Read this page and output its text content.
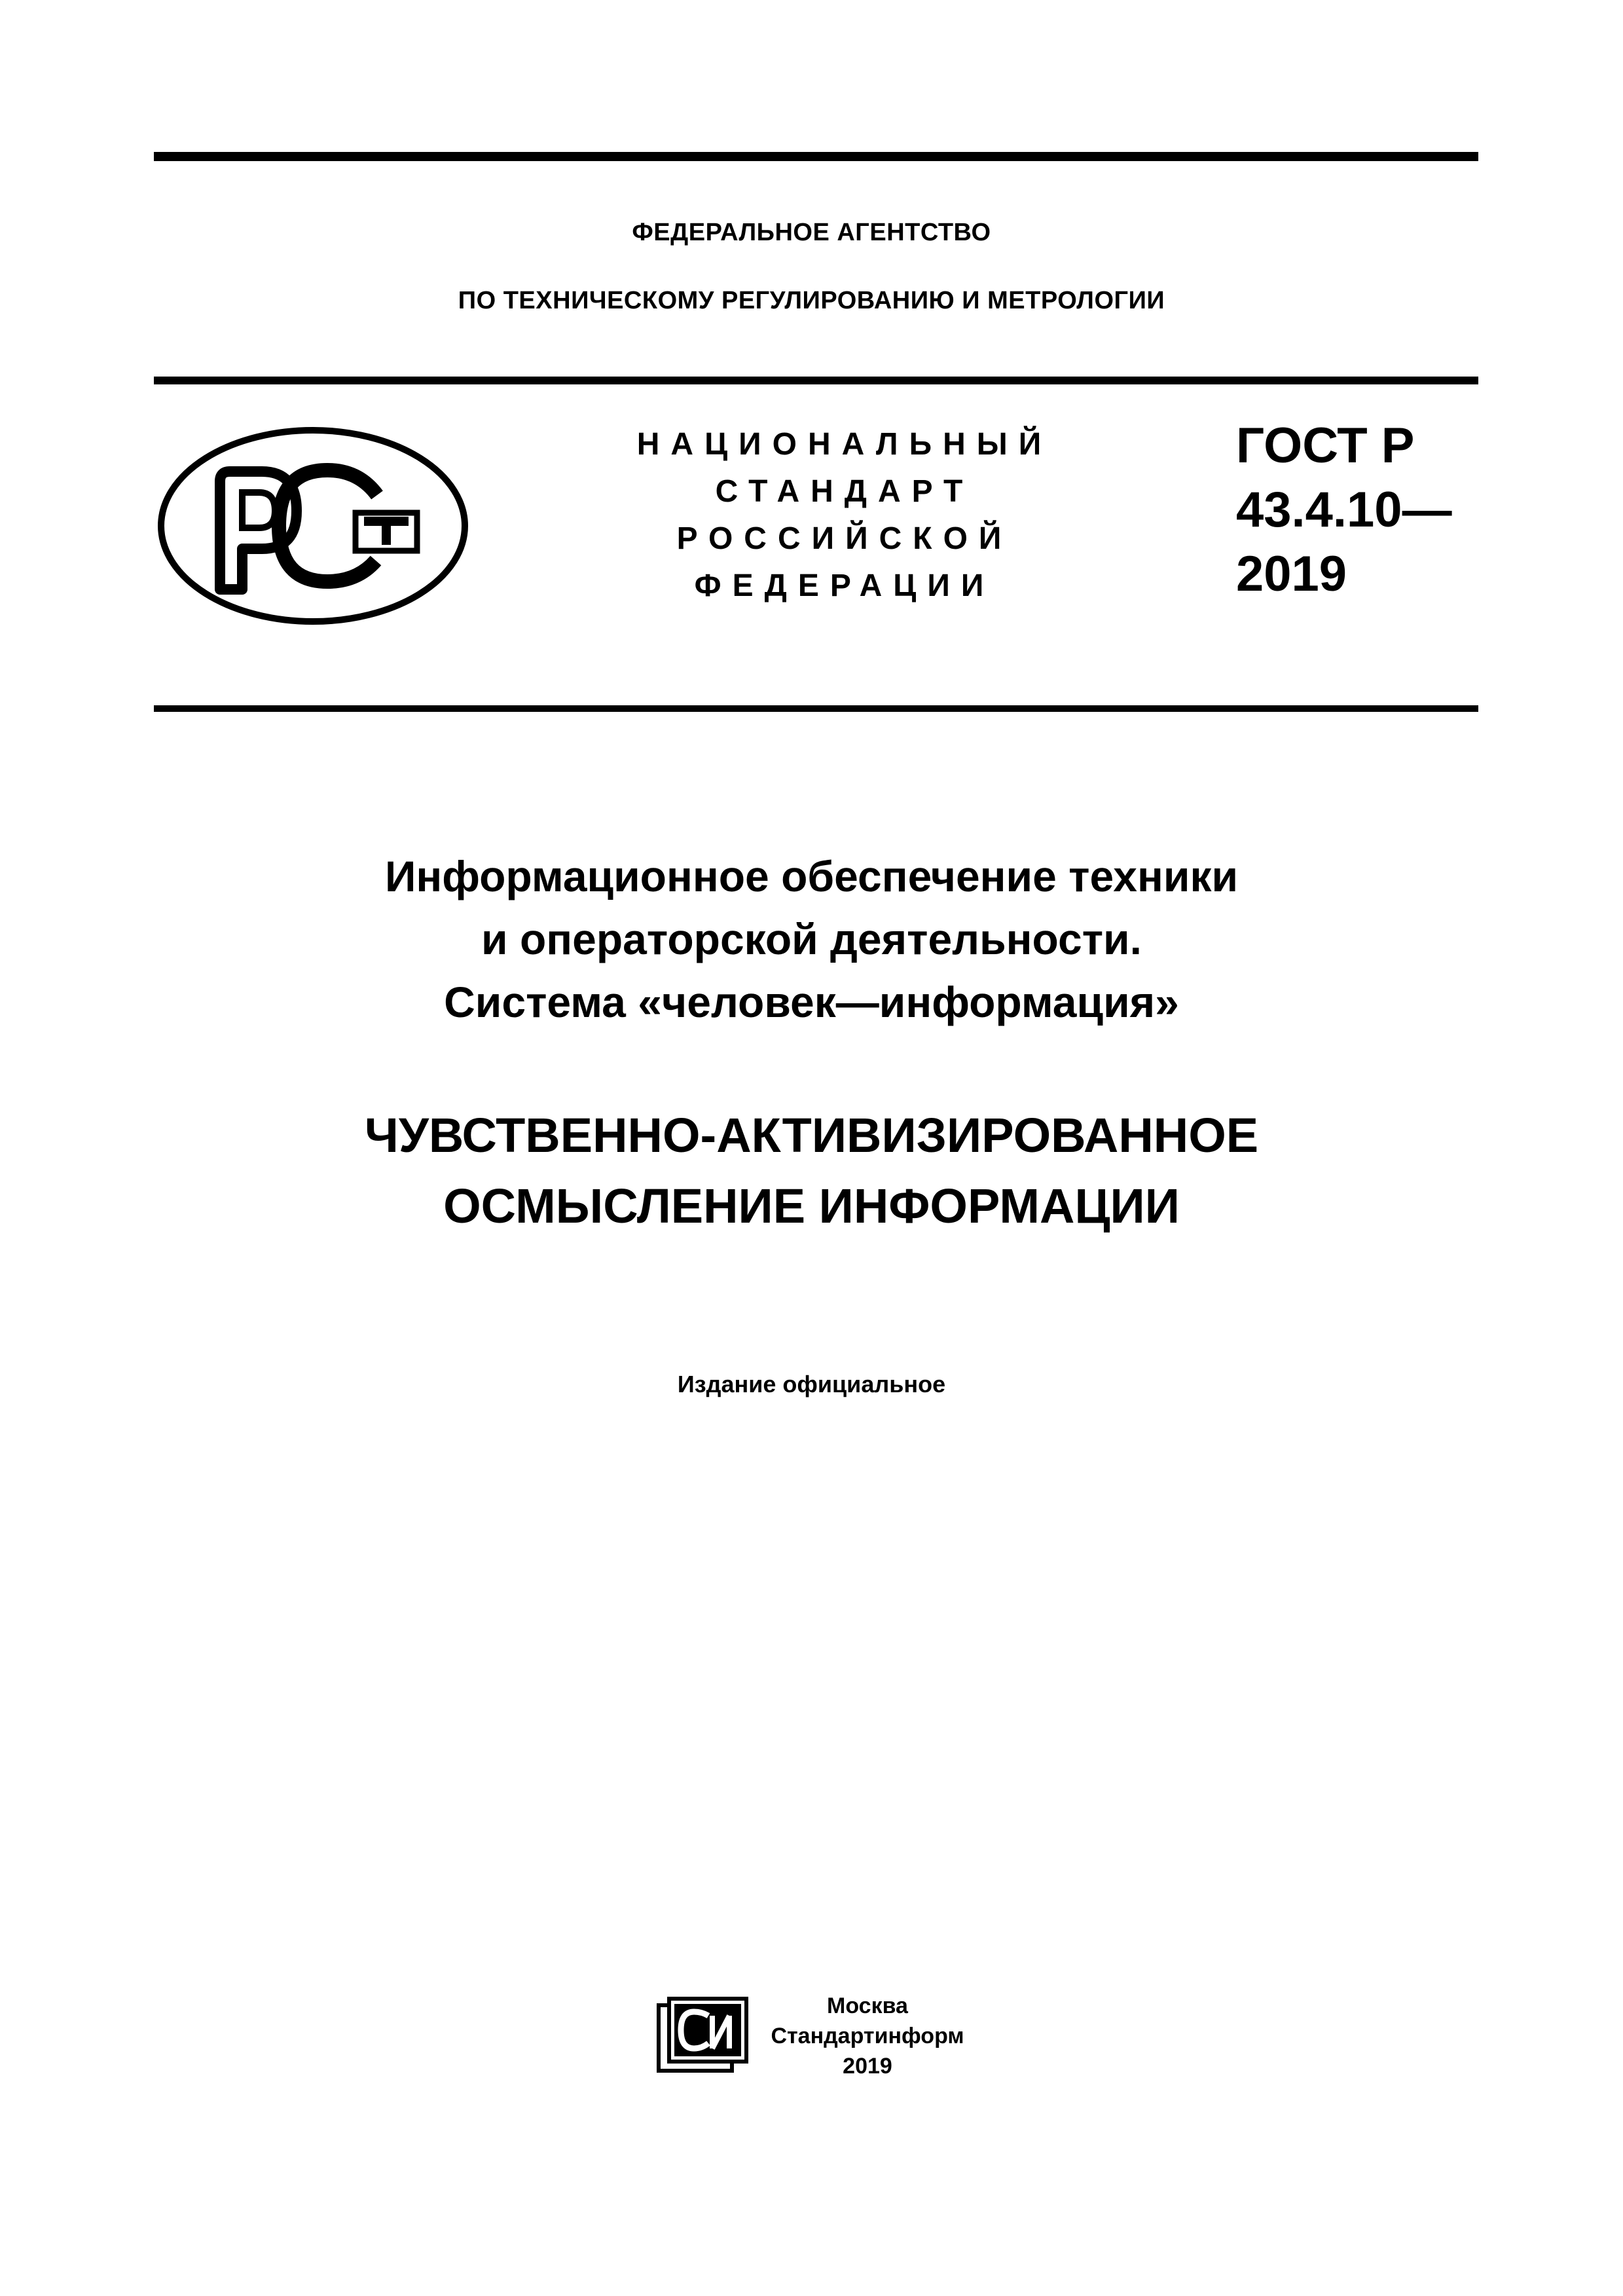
ФЕДЕРАЛЬНОЕ АГЕНТСТВО
ПО ТЕХНИЧЕСКОМУ РЕГУЛИРОВАНИЮ И МЕТРОЛОГИИ
НАЦИОНАЛЬНЫЙ
СТАНДАРТ
РОССИЙСКОЙ
ФЕДЕРАЦИИ
ГОСТ Р
43.4.10—
2019
Информационное обеспечение техники
и операторской деятельности.
Система «человек—информация»
ЧУВСТВЕННО-АКТИВИЗИРОВАННОЕ
ОСМЫСЛЕНИЕ ИНФОРМАЦИИ
Издание официальное
Москва
Стандартинформ
2019
